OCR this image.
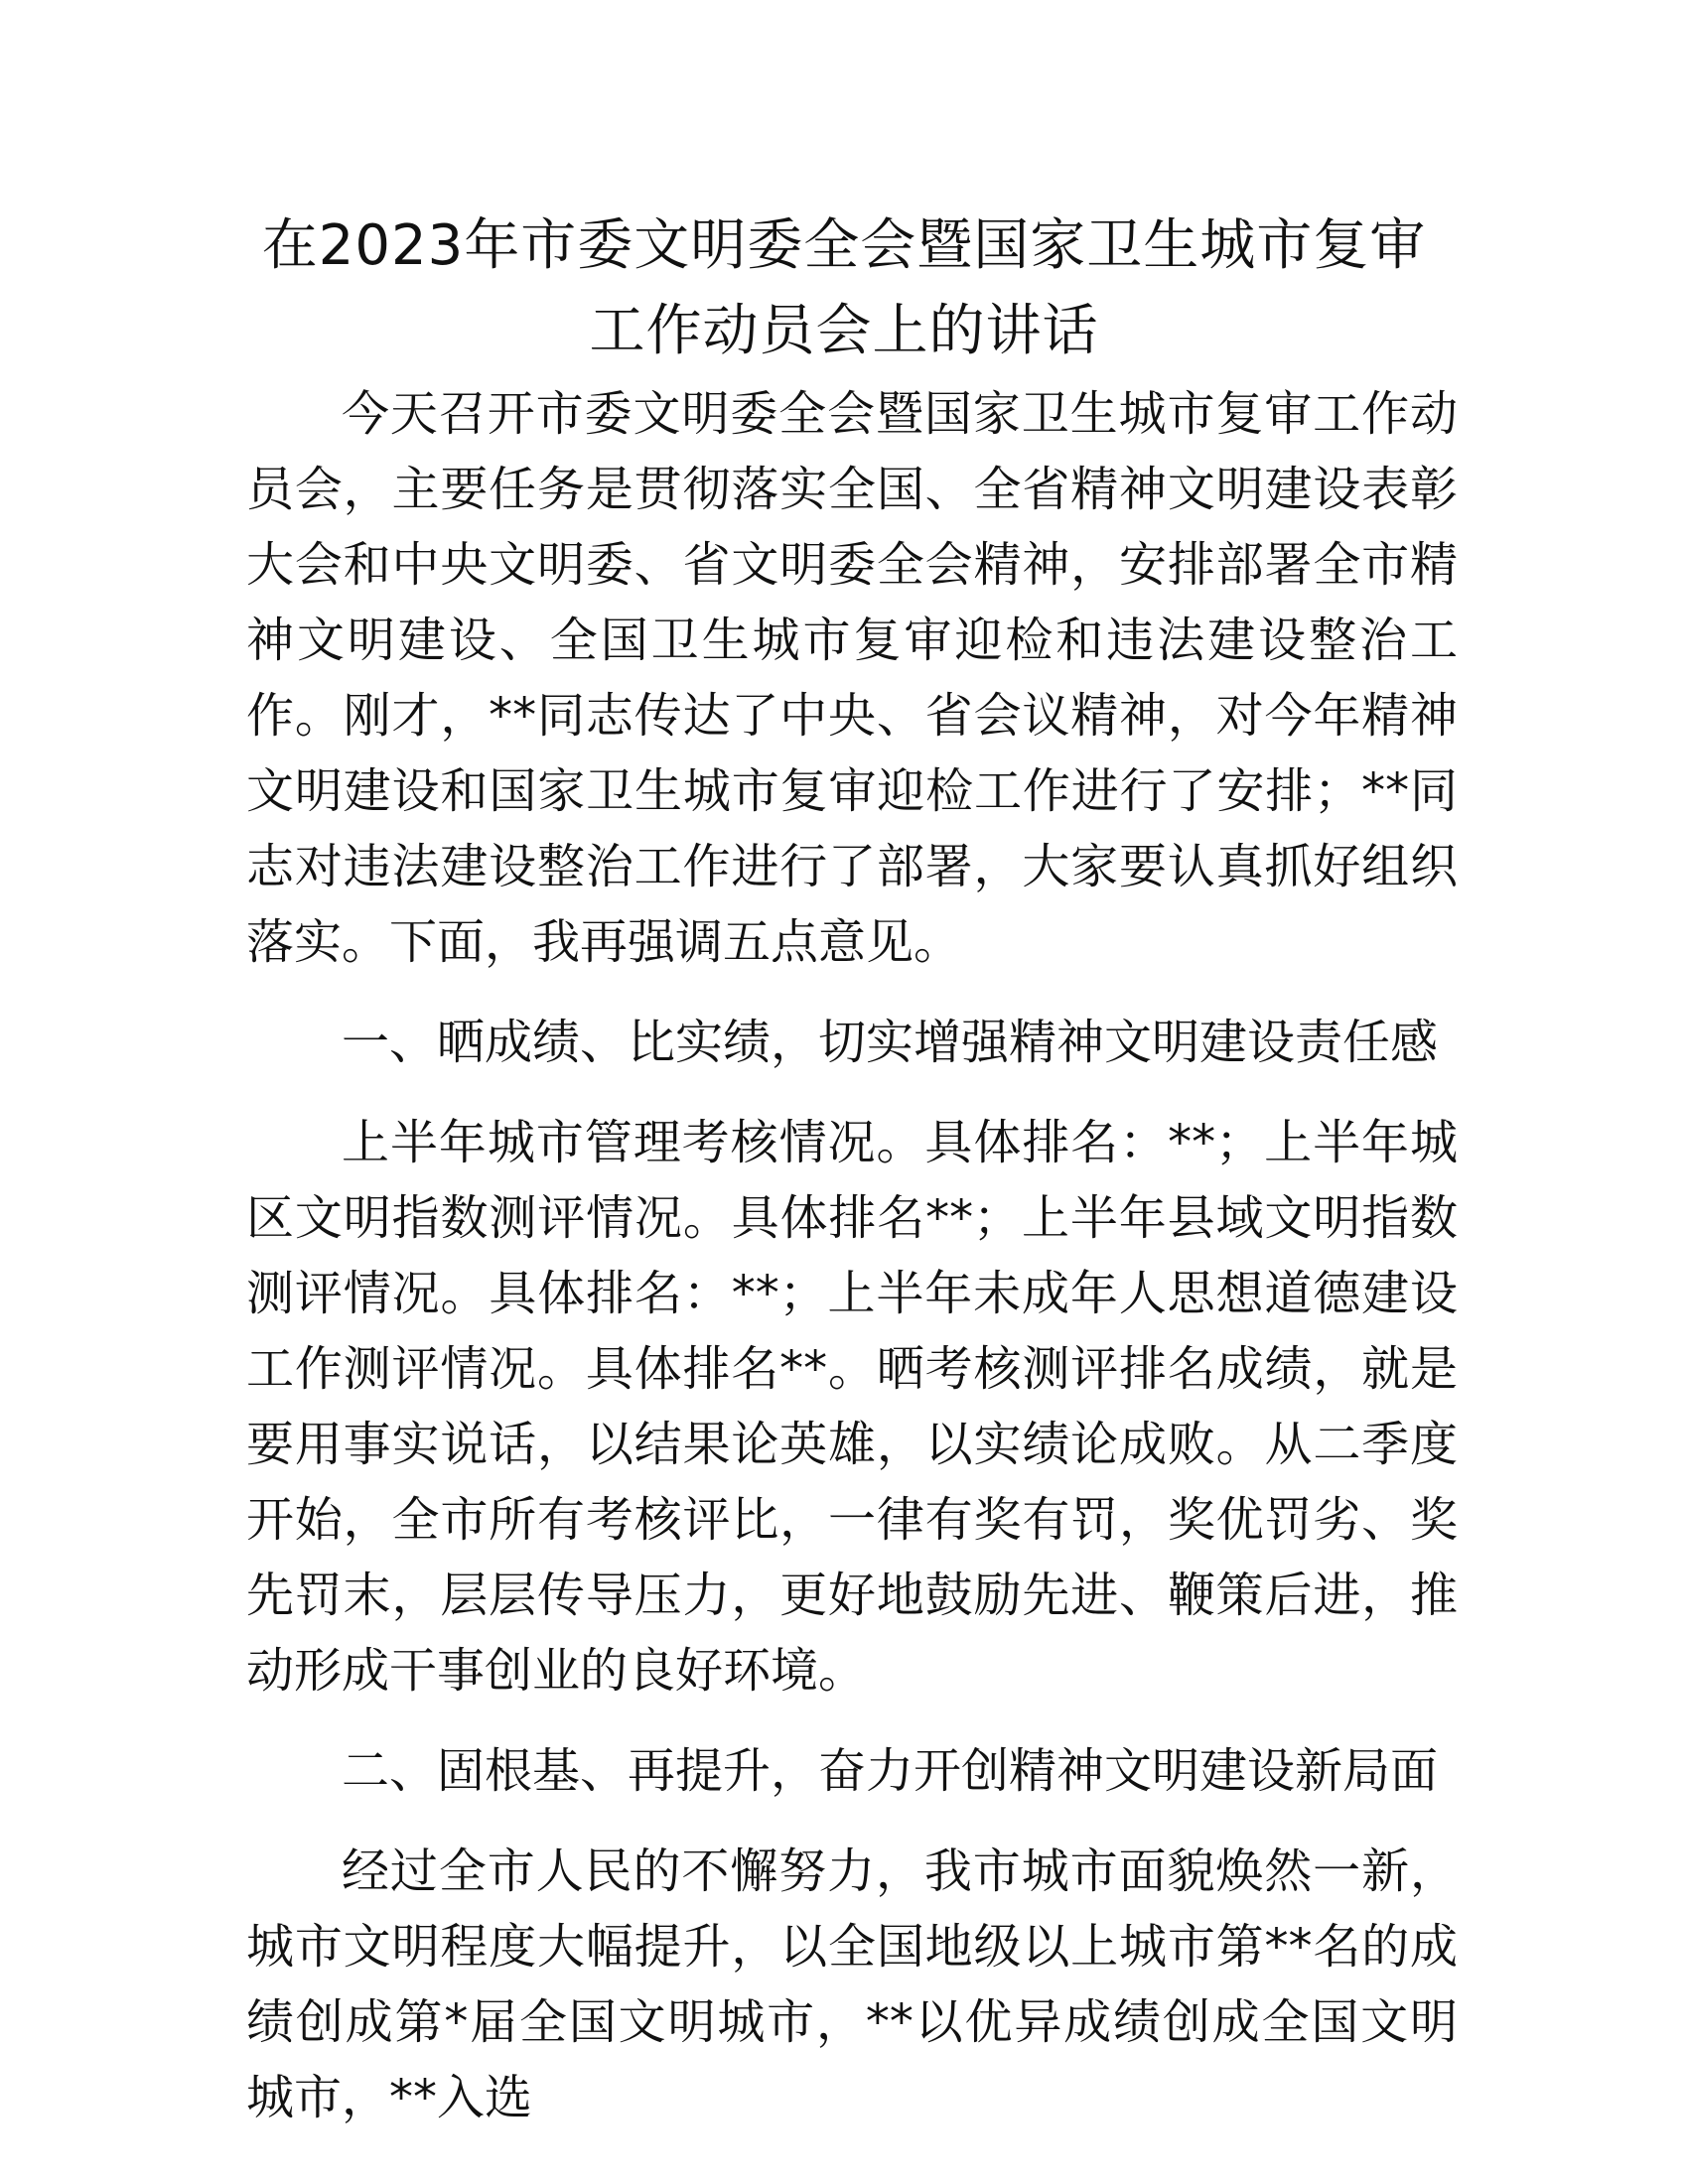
在2023年市委文明委全会暨国家卫生城市复审
工作动员会上的讲话

今天召开市委文明委全会暨国家卫生城市复审工作动员会，主要任务是贯彻落实全国、全省精神文明建设表彰大会和中央文明委、省文明委全会精神，安排部署全市精神文明建设、全国卫生城市复审迎检和违法建设整治工作。刚才，**同志传达了中央、省会议精神，对今年精神文明建设和国家卫生城市复审迎检工作进行了安排；**同志对违法建设整治工作进行了部署，大家要认真抓好组织落实。下面，我再强调五点意见。

一、晒成绩、比实绩，切实增强精神文明建设责任感

上半年城市管理考核情况。具体排名：**；上半年城区文明指数测评情况。具体排名**；上半年县域文明指数测评情况。具体排名：**；上半年未成年人思想道德建设工作测评情况。具体排名**。晒考核测评排名成绩，就是要用事实说话，以结果论英雄，以实绩论成败。从二季度开始，全市所有考核评比，一律有奖有罚，奖优罚劣、奖先罚末，层层传导压力，更好地鼓励先进、鞭策后进，推动形成干事创业的良好环境。

二、固根基、再提升，奋力开创精神文明建设新局面

经过全市人民的不懈努力，我市城市面貌焕然一新，城市文明程度大幅提升，以全国地级以上城市第**名的成绩创成第*届全国文明城市，**以优异成绩创成全国文明城市，**入选
